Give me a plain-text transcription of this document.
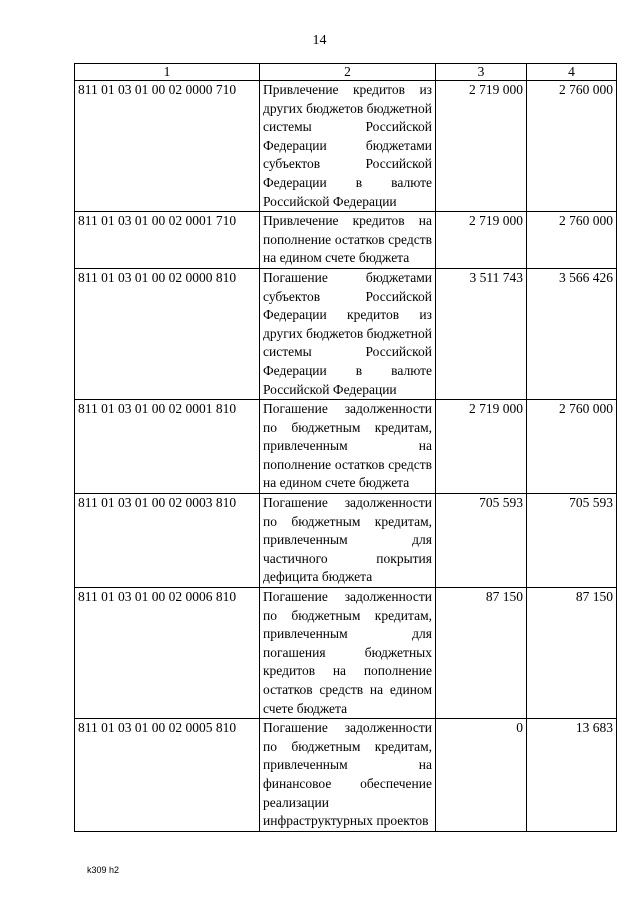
14
1	2	3	4
811 01 03 01 00 02 0000 710	Привлечение кредитов из других бюджетов бюджетной системы Российской Федерации бюджетами субъектов Российской Федерации в валюте Российской Федерации	2 719 000	2 760 000
811 01 03 01 00 02 0001 710	Привлечение кредитов на пополнение остатков средств на едином счете бюджета	2 719 000	2 760 000
811 01 03 01 00 02 0000 810	Погашение бюджетами субъектов Российской Федерации кредитов из других бюджетов бюджетной системы Российской Федерации в валюте Российской Федерации	3 511 743	3 566 426
811 01 03 01 00 02 0001 810	Погашение задолженности по бюджетным кредитам, привлеченным на пополнение остатков средств на едином счете бюджета	2 719 000	2 760 000
811 01 03 01 00 02 0003 810	Погашение задолженности по бюджетным кредитам, привлеченным для частичного покрытия дефицита бюджета	705 593	705 593
811 01 03 01 00 02 0006 810	Погашение задолженности по бюджетным кредитам, привлеченным для погашения бюджетных кредитов на пополнение остатков средств на едином счете бюджета	87 150	87 150
811 01 03 01 00 02 0005 810	Погашение задолженности по бюджетным кредитам, привлеченным на финансовое обеспечение реализации инфраструктурных проектов	0	13 683
k309 h2
